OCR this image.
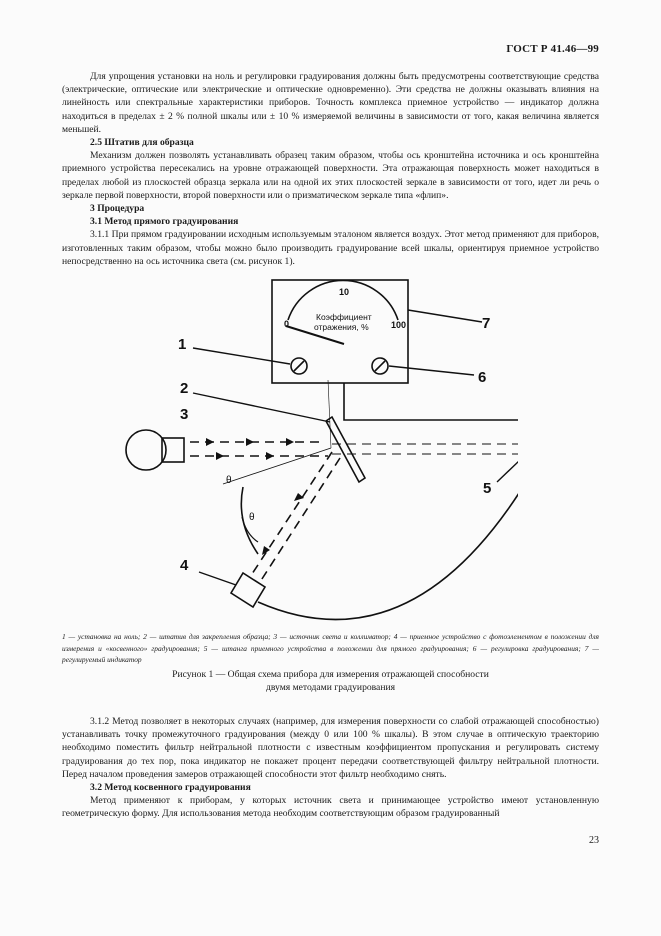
ГОСТ Р 41.46—99

Для упрощения установки на ноль и регулировки градуирования должны быть предусмотрены соответствующие средства (электрические, оптические или электрические и оптические одновременно). Эти средства не должны оказывать влияния на линейность или спектральные характеристики приборов. Точность комплекса приемное устройство — индикатор должна находиться в пределах ± 2 % полной шкалы или ± 10 % измеряемой величины в зависимости от того, какая величина является меньшей.

2.5 Штатив для образца

Механизм должен позволять устанавливать образец таким образом, чтобы ось кронштейна источника и ось кронштейна приемного устройства пересекались на уровне отражающей поверхности. Эта отражающая поверхность может находиться в пределах любой из плоскостей образца зеркала или на одной их этих плоскостей зеркале в зависимости от того, идет ли речь о зеркале первой поверхности, второй поверхности или о призматическом зеркале типа «флип».

3 Процедура

3.1 Метод прямого градуирования

3.1.1 При прямом градуировании исходным используемым эталоном является воздух. Этот метод применяют для приборов, изготовленных таким образом, чтобы можно было производить градуирование всей шкалы, ориентируя приемное устройство непосредственно на ось источника света (см. рисунок 1).

1
2
3
4
5
6
7
10
0	100
Коэффициент
отражения, %
θ
θ
1 — установка на ноль; 2 — штатив для закрепления образца; 3 — источник света и коллиматор; 4 — приемное устройство с фотоэлементом в положении для измерения и «косвенного» градуирования; 5 — штанга приемного устройства в положении для прямого градуирования; 6 — регулировка градуирования; 7 — регулируемый индикатор
Рисунок 1 — Общая схема прибора для измерения отражающей способности
двумя методами градуирования

3.1.2 Метод позволяет в некоторых случаях (например, для измерения поверхности со слабой отражающей способностью) устанавливать точку промежуточного градуирования (между 0 или 100 % шкалы). В этом случае в оптическую траекторию необходимо поместить фильтр нейтральной плотности с известным коэффициентом пропускания и регулировать систему градуирования до тех пор, пока индикатор не покажет процент передачи соответствующей фильтру нейтральной плотности. Перед началом проведения замеров отражающей способности этот фильтр необходимо снять.

3.2 Метод косвенного градуирования

Метод применяют к приборам, у которых источник света и принимающее устройство имеют установленную геометрическую форму. Для использования метода необходим соответствующим образом градуированный

23
